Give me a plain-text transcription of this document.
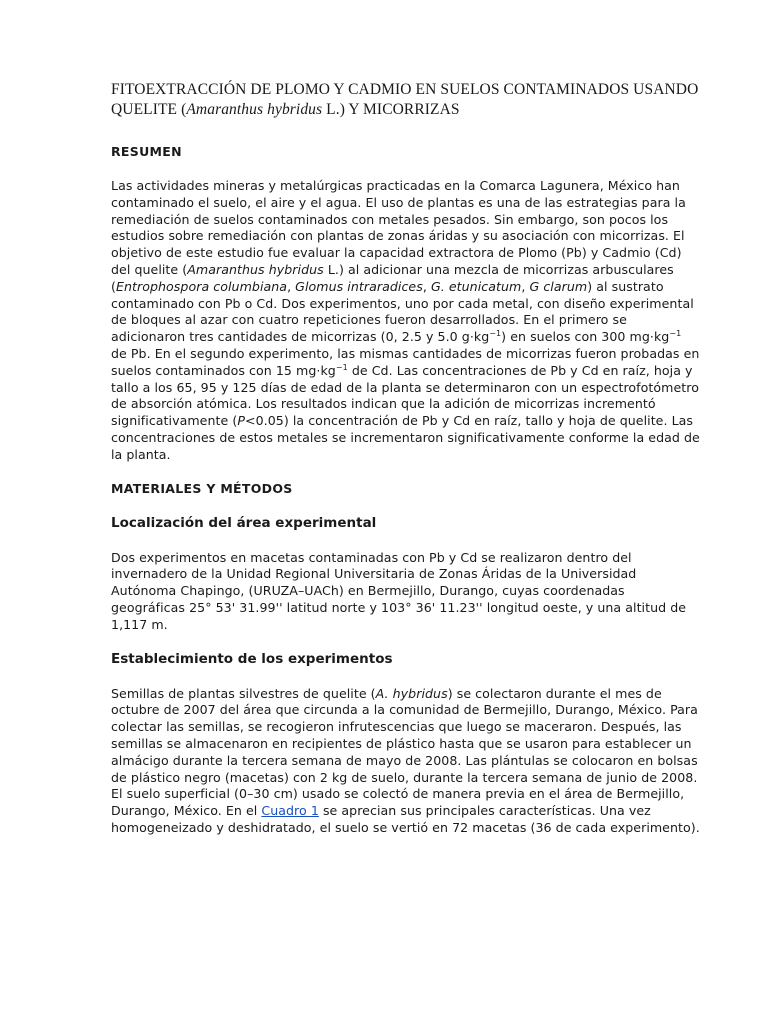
FITOEXTRACCIÓN DE PLOMO Y CADMIO EN SUELOS CONTAMINADOS USANDO QUELITE (Amaranthus hybridus L.) Y MICORRIZAS
RESUMEN

Las actividades mineras y metalúrgicas practicadas en la Comarca Lagunera, México han contaminado el suelo, el aire y el agua. El uso de plantas es una de las estrategias para la remediación de suelos contaminados con metales pesados. Sin embargo, son pocos los estudios sobre remediación con plantas de zonas áridas y su asociación con micorrizas. El objetivo de este estudio fue evaluar la capacidad extractora de Plomo (Pb) y Cadmio (Cd) del quelite (Amaranthus hybridus L.) al adicionar una mezcla de micorrizas arbusculares (Entrophospora columbiana, Glomus intraradices, G. etunicatum, G clarum) al sustrato contaminado con Pb o Cd. Dos experimentos, uno por cada metal, con diseño experimental de bloques al azar con cuatro repeticiones fueron desarrollados. En el primero se adicionaron tres cantidades de micorrizas (0, 2.5 y 5.0 $g\cdot kg^{-1}$) en suelos con 300 $mg\cdot kg^{-1}$ de Pb. En el segundo experimento, las mismas cantidades de micorrizas fueron probadas en suelos contaminados con 15 $mg\cdot kg^{-1}$ de Cd. Las concentraciones de Pb y Cd en raíz, hoja y tallo a los 65, 95 y 125 días de edad de la planta se determinaron con un espectrofotómetro de absorción atómica. Los resultados indican que la adición de micorrizas incrementó significativamente (P<0.05) la concentración de Pb y Cd en raíz, tallo y hoja de quelite. Las concentraciones de estos metales se incrementaron significativamente conforme la edad de la planta.

MATERIALES Y MÉTODOS
Localización del área experimental

Dos experimentos en macetas contaminadas con Pb y Cd se realizaron dentro del invernadero de la Unidad Regional Universitaria de Zonas Áridas de la Universidad Autónoma Chapingo, (URUZA–UACh) en Bermejillo, Durango, cuyas coordenadas geográficas 25° 53' 31.99'' latitud norte y 103° 36' 11.23'' longitud oeste, y una altitud de 1,117 m.

Establecimiento de los experimentos

Semillas de plantas silvestres de quelite (A. hybridus) se colectaron durante el mes de octubre de 2007 del área que circunda a la comunidad de Bermejillo, Durango, México. Para colectar las semillas, se recogieron infrutescencias que luego se maceraron. Después, las semillas se almacenaron en recipientes de plástico hasta que se usaron para establecer un almácigo durante la tercera semana de mayo de 2008. Las plántulas se colocaron en bolsas de plástico negro (macetas) con 2 kg de suelo, durante la tercera semana de junio de 2008. El suelo superficial (0–30 cm) usado se colectó de manera previa en el área de Bermejillo, Durango, México. En el Cuadro 1 se aprecian sus principales características. Una vez homogeneizado y deshidratado, el suelo se vertió en 72 macetas (36 de cada experimento).
